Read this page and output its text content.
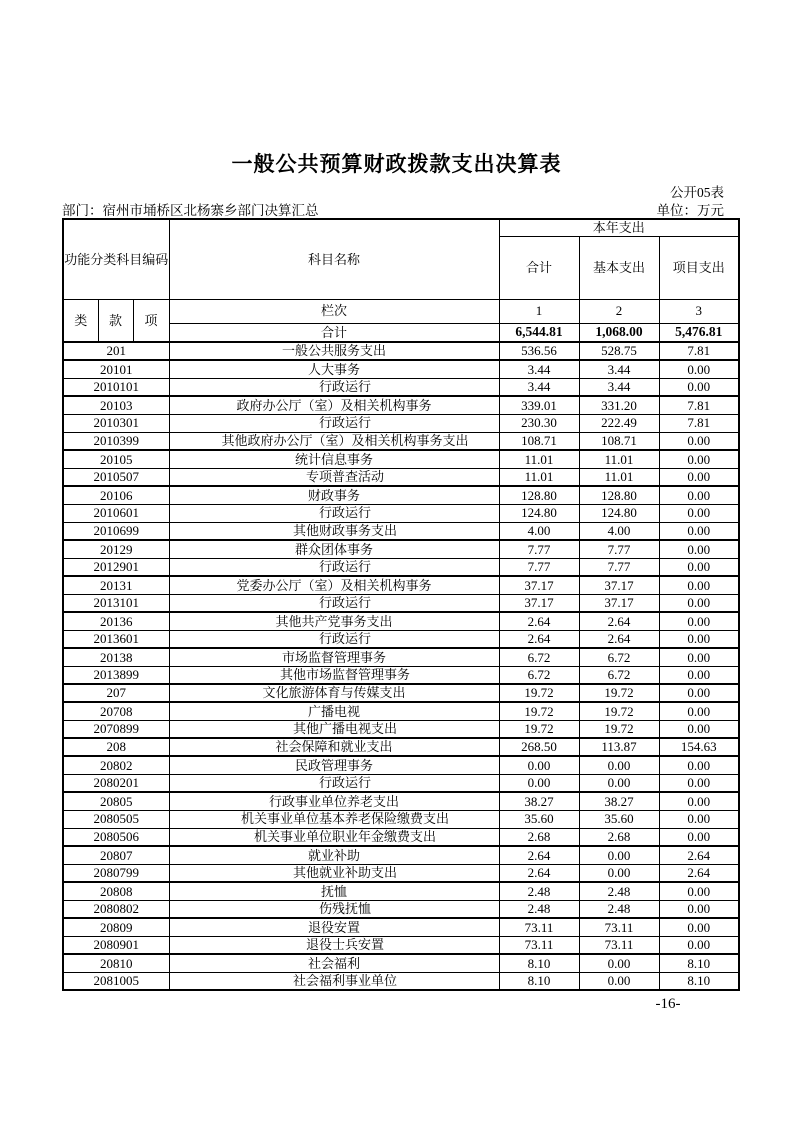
一般公共预算财政拨款支出决算表
公开05表
部门：宿州市埇桥区北杨寨乡部门决算汇总	单位：万元
功能分类科目编码			科目名称	本年支出		
				合计	基本支出	项目支出
类	款	项	栏次	1	2	3
			合计	6,544.81	1,068.00	5,476.81
201			一般公共服务支出	536.56	528.75	7.81
20101			人大事务	3.44	3.44	0.00
2010101			行政运行	3.44	3.44	0.00
20103			政府办公厅（室）及相关机构事务	339.01	331.20	7.81
2010301			行政运行	230.30	222.49	7.81
2010399			其他政府办公厅（室）及相关机构事务支出	108.71	108.71	0.00
20105			统计信息事务	11.01	11.01	0.00
2010507			专项普查活动	11.01	11.01	0.00
20106			财政事务	128.80	128.80	0.00
2010601			行政运行	124.80	124.80	0.00
2010699			其他财政事务支出	4.00	4.00	0.00
20129			群众团体事务	7.77	7.77	0.00
2012901			行政运行	7.77	7.77	0.00
20131			党委办公厅（室）及相关机构事务	37.17	37.17	0.00
2013101			行政运行	37.17	37.17	0.00
20136			其他共产党事务支出	2.64	2.64	0.00
2013601			行政运行	2.64	2.64	0.00
20138			市场监督管理事务	6.72	6.72	0.00
2013899			其他市场监督管理事务	6.72	6.72	0.00
207			文化旅游体育与传媒支出	19.72	19.72	0.00
20708			广播电视	19.72	19.72	0.00
2070899			其他广播电视支出	19.72	19.72	0.00
208			社会保障和就业支出	268.50	113.87	154.63
20802			民政管理事务	0.00	0.00	0.00
2080201			行政运行	0.00	0.00	0.00
20805			行政事业单位养老支出	38.27	38.27	0.00
2080505			机关事业单位基本养老保险缴费支出	35.60	35.60	0.00
2080506			机关事业单位职业年金缴费支出	2.68	2.68	0.00
20807			就业补助	2.64	0.00	2.64
2080799			其他就业补助支出	2.64	0.00	2.64
20808			抚恤	2.48	2.48	0.00
2080802			伤残抚恤	2.48	2.48	0.00
20809			退役安置	73.11	73.11	0.00
2080901			退役士兵安置	73.11	73.11	0.00
20810			社会福利	8.10	0.00	8.10
2081005			社会福利事业单位	8.10	0.00	8.10
-16-
